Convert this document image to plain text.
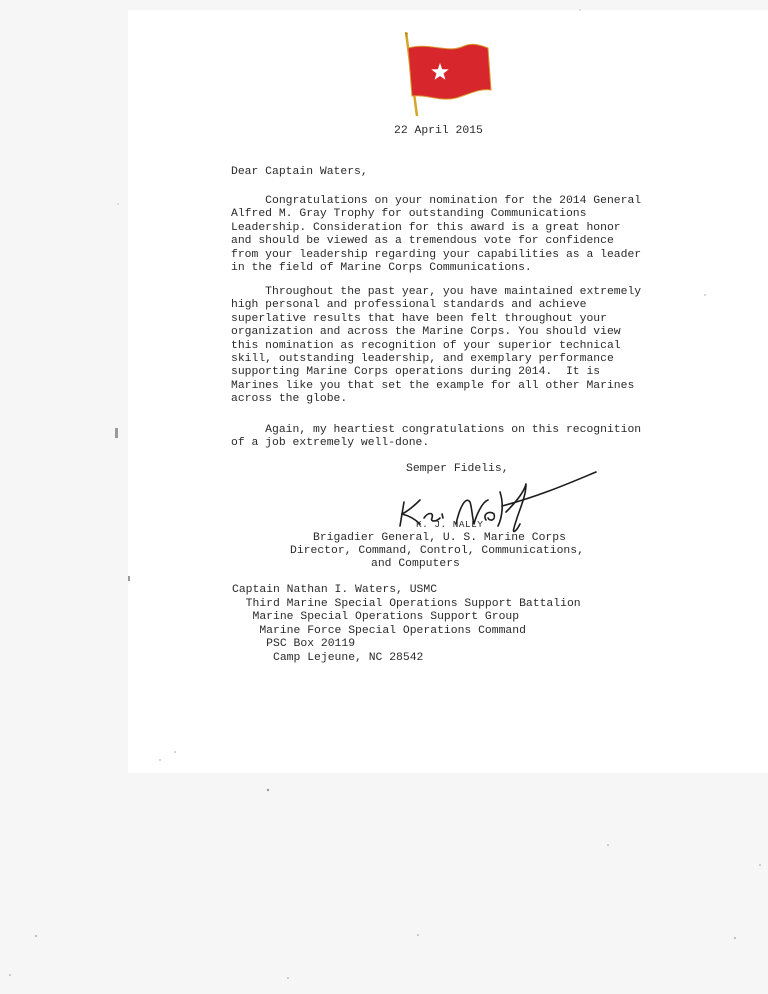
22 April 2015
Dear Captain Waters,
Congratulations on your nomination for the 2014 General
Alfred M. Gray Trophy for outstanding Communications
Leadership. Consideration for this award is a great honor
and should be viewed as a tremendous vote for confidence
from your leadership regarding your capabilities as a leader
in the field of Marine Corps Communications.
Throughout the past year, you have maintained extremely
high personal and professional standards and achieve
superlative results that have been felt throughout your
organization and across the Marine Corps. You should view
this nomination as recognition of your superior technical
skill, outstanding leadership, and exemplary performance
supporting Marine Corps operations during 2014.  It is
Marines like you that set the example for all other Marines
across the globe.
Again, my heartiest congratulations on this recognition
of a job extremely well-done.
Semper Fidelis,
K. J. NALLY
Brigadier General, U. S. Marine Corps
Director, Command, Control, Communications,
and Computers
Captain Nathan I. Waters, USMC
Third Marine Special Operations Support Battalion
Marine Special Operations Support Group
Marine Force Special Operations Command
PSC Box 20119
Camp Lejeune, NC 28542
